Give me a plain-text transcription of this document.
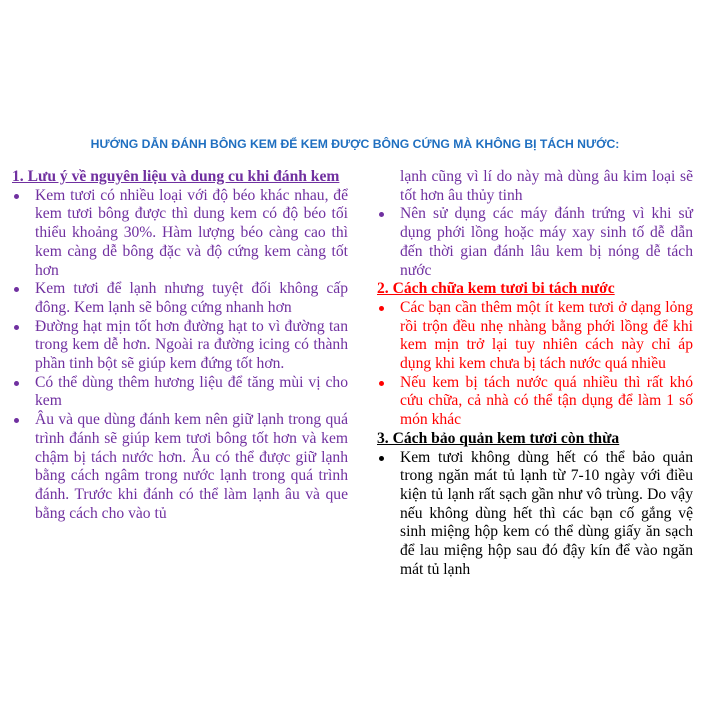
HƯỚNG DẪN ĐÁNH BÔNG KEM ĐỂ KEM ĐƯỢC BÔNG CỨNG MÀ KHÔNG BỊ TÁCH NƯỚC:

1. Lưu ý về nguyên liệu và dung cu khi đánh kem

Kem tươi có nhiều loại với độ béo khác nhau, để kem tươi bông được thì dung kem có độ béo tối thiểu khoảng 30%. Hàm lượng béo càng cao thì kem càng dễ bông đặc và độ cứng kem càng tốt hơn
Kem tươi để lạnh nhưng tuyệt đối không cấp đông. Kem lạnh sẽ bông cứng nhanh hơn
Đường hạt mịn tốt hơn đường hạt to vì đường tan trong kem dễ hơn. Ngoài ra đường icing có thành phần tinh bột sẽ giúp kem đứng tốt hơn.
Có thể dùng thêm hương liệu để tăng mùi vị cho kem
Âu và que dùng đánh kem nên giữ lạnh trong quá trình đánh sẽ giúp kem tươi bông tốt hơn và kem chậm bị tách nước hơn. Âu có thể được giữ lạnh bằng cách ngâm trong nước lạnh trong quá trình đánh. Trước khi đánh có thể làm lạnh âu và que bằng cách cho vào tủ
lạnh cũng vì lí do này mà dùng âu kim loại sẽ tốt hơn âu thủy tinh
Nên sử dụng các máy đánh trứng vì khi sử dụng phới lồng hoặc máy xay sinh tố dễ dẫn đến thời gian đánh lâu kem bị nóng dễ tách nước

2. Cách chữa kem tươi bi tách nước

Các bạn cần thêm một ít kem tươi ở dạng lỏng rồi trộn đều nhẹ nhàng bằng phới lồng để khi kem mịn trở lại tuy nhiên cách này chỉ áp dụng khi kem chưa bị tách nước quá nhiều
Nếu kem bị tách nước quá nhiều thì rất khó cứu chữa, cả nhà có thể tận dụng để làm 1 số món khác

3. Cách bảo quản kem tươi còn thừa

Kem tươi không dùng hết có thể bảo quản trong ngăn mát tủ lạnh từ 7-10 ngày với điều kiện tủ lạnh rất sạch gần như vô trùng. Do vậy nếu không dùng hết thì các bạn cố gắng vệ sinh miệng hộp kem có thể dùng giấy ăn sạch để lau miệng hộp sau đó đậy kín để vào ngăn mát tủ lạnh
